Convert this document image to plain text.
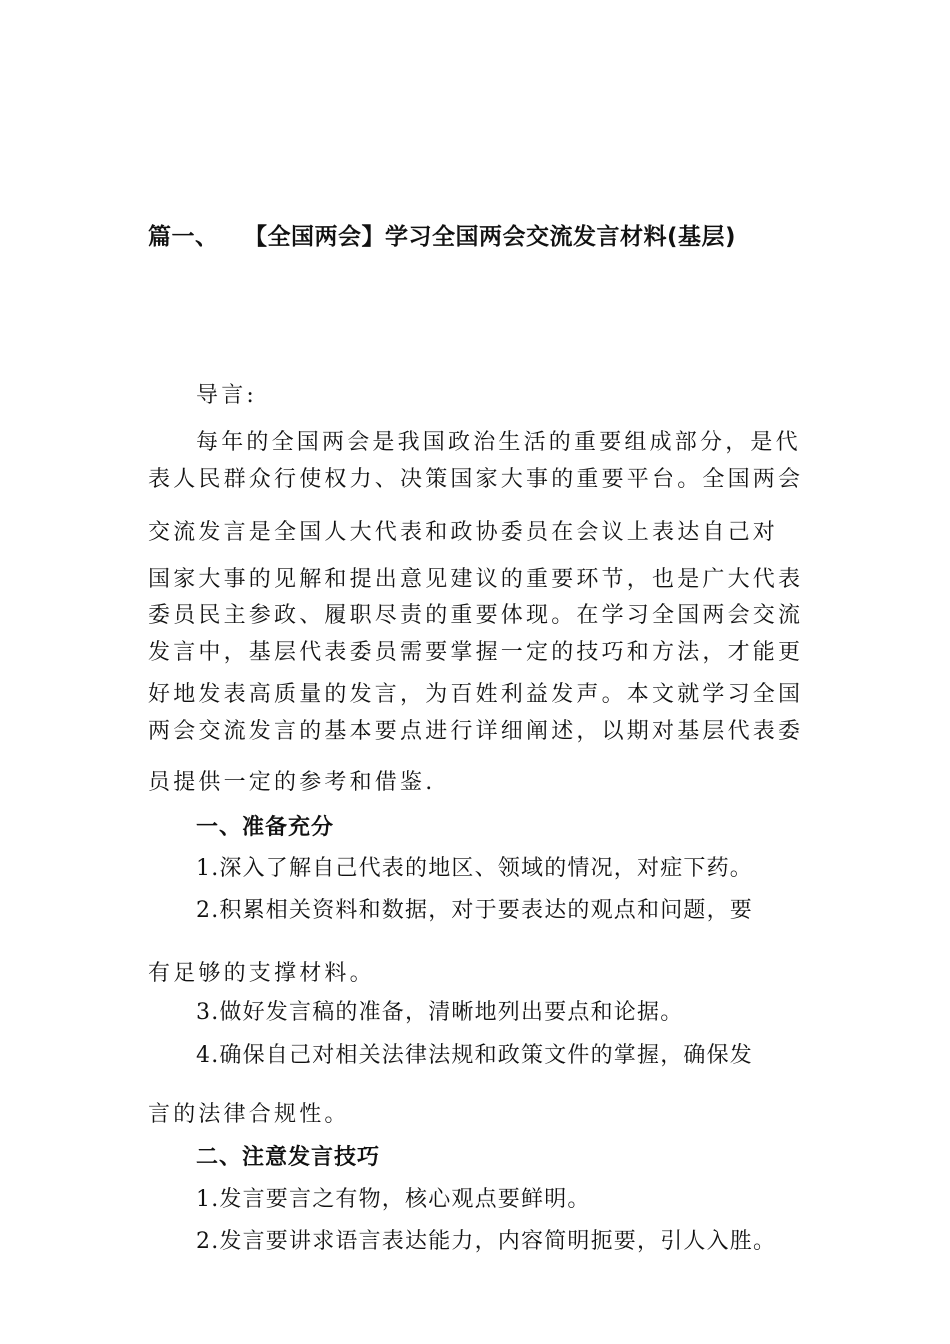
篇一、 【全国两会】学习全国两会交流发言材料(基层)
导言:
每年的全国两会是我国政治生活的重要组成部分，是代
表人民群众行使权力、决策国家大事的重要平台。全国两会
交流发言是全国人大代表和政协委员在会议上表达自己对
国家大事的见解和提出意见建议的重要环节，也是广大代表
委员民主参政、履职尽责的重要体现。在学习全国两会交流
发言中，基层代表委员需要掌握一定的技巧和方法，才能更
好地发表高质量的发言，为百姓利益发声。本文就学习全国
两会交流发言的基本要点进行详细阐述，以期对基层代表委
员提供一定的参考和借鉴.
一、准备充分
1.深入了解自己代表的地区、领域的情况，对症下药。
2.积累相关资料和数据，对于要表达的观点和问题，要
有足够的支撑材料。
3.做好发言稿的准备，清晰地列出要点和论据。
4.确保自己对相关法律法规和政策文件的掌握，确保发
言的法律合规性。
二、注意发言技巧
1.发言要言之有物，核心观点要鲜明。
2.发言要讲求语言表达能力，内容简明扼要，引人入胜。
